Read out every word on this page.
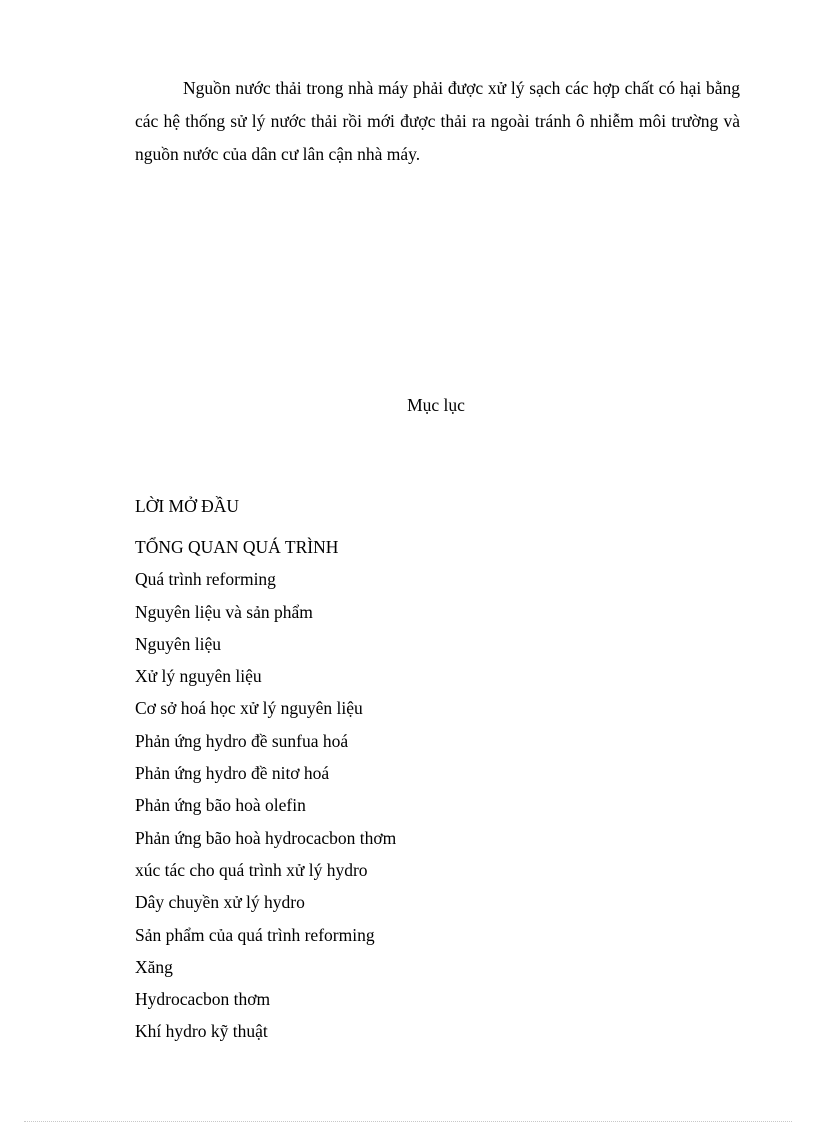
Nguồn nước thải trong nhà máy phải được xử lý sạch các hợp chất có hại bằng các hệ thống sử lý nước thải rồi mới được thải ra ngoài tránh ô nhiễm môi trường và nguồn nước của dân cư lân cận nhà máy.

Mục lục
LỜI MỞ ĐẦU
TỔNG QUAN QUÁ TRÌNH
Quá trình reforming
Nguyên liệu và sản phẩm
Nguyên liệu
Xử lý nguyên liệu
Cơ sở hoá học xử lý nguyên liệu
Phản ứng hydro đề sunfua hoá
Phản ứng hydro đề nitơ hoá
Phản ứng bão hoà olefin
Phản ứng bão hoà hydrocacbon thơm
xúc tác cho quá trình xử lý hydro
Dây chuyền xử lý hydro
Sản phẩm của quá trình reforming
Xăng
Hydrocacbon thơm
Khí hydro kỹ thuật
